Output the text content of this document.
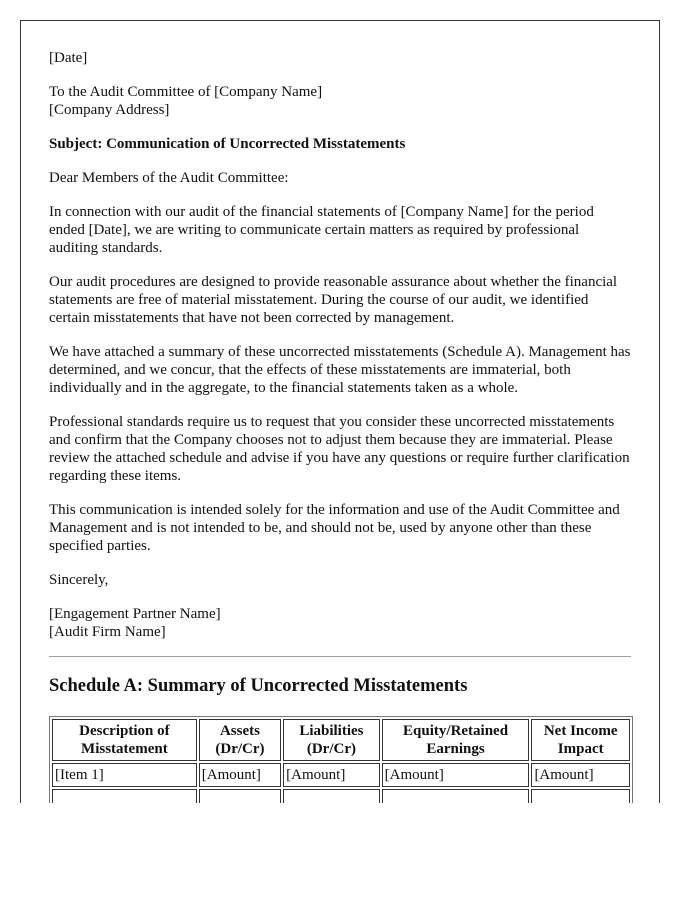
[Date]

To the Audit Committee of [Company Name]
[Company Address]

Subject: Communication of Uncorrected Misstatements

Dear Members of the Audit Committee:

In connection with our audit of the financial statements of [Company Name] for the period ended [Date], we are writing to communicate certain matters as required by professional auditing standards.

Our audit procedures are designed to provide reasonable assurance about whether the financial statements are free of material misstatement. During the course of our audit, we identified certain misstatements that have not been corrected by management.

We have attached a summary of these uncorrected misstatements (Schedule A). Management has determined, and we concur, that the effects of these misstatements are immaterial, both individually and in the aggregate, to the financial statements taken as a whole.

Professional standards require us to request that you consider these uncorrected misstatements and confirm that the Company chooses not to adjust them because they are immaterial. Please review the attached schedule and advise if you have any questions or require further clarification regarding these items.

This communication is intended solely for the information and use of the Audit Committee and Management and is not intended to be, and should not be, used by anyone other than these specified parties.

Sincerely,

[Engagement Partner Name]
[Audit Firm Name]
Schedule A: Summary of Uncorrected Misstatements
Description of Misstatement	Assets (Dr/Cr)	Liabilities (Dr/Cr)	Equity/Retained Earnings	Net Income Impact
[Item 1]	[Amount]	[Amount]	[Amount]	[Amount]
